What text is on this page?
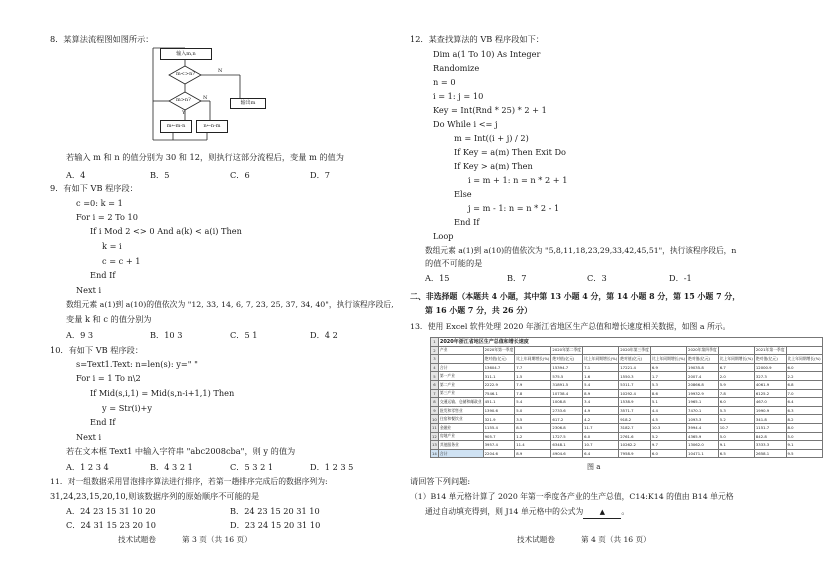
8．某算法流程图如图所示：
输入m,n
m<>n?
m>n?	输出m
N
N
Y
m←m-n	n←n-m
若输入 m 和 n 的值分别为 30 和 12，则执行这部分流程后，变量 m 的值为
A．4	B．5	C．6	D．7
9．有如下 VB 程序段：
c =0: k = 1
For i = 2 To 10
If i Mod 2 <> 0 And a(k) < a(i) Then
k = i
c = c + 1
End If
Next i
数组元素 a(1)到 a(10)的值依次为 "12, 33, 14, 6, 7, 23, 25, 37, 34, 40"，执行该程序段后,
变量 k 和 c 的值分别为
A．9 3	B．10 3	C．5 1	D．4 2
10．有如下 VB 程序段：
s=Text1.Text: n=len(s): y=" "
For i = 1 To n\2
If Mid(s,i,1) = Mid(s,n-i+1,1) Then
y = Str(i)+y
End If
Next i
若在文本框 Text1 中输入字符串 "abc2008cba"，则 y 的值为
A．1 2 3 4	B．4 3 2 1	C．5 3 2 1	D．1 2 3 5
11．对一组数据采用冒泡排序算法进行排序，若第一趟排序完成后的数据序列为:
31,24,23,15,20,10,则该数据序列的原始顺序不可能的是
A．24 23 15 31 10 20	B．24 23 15 20 31 10
C．24 31 15 23 20 10	D．23 24 15 20 31 10
技术试题卷	第 3 页（共 16 页）
12．某查找算法的 VB 程序段如下：
Dim a(1 To 10) As Integer
Randomize
n = 0
i = 1: j = 10
Key = Int(Rnd * 25) * 2 + 1
Do While i <= j
m = Int((i + j) / 2)
If Key = a(m) Then Exit Do
If Key > a(m) Then
i = m + 1: n = n * 2 + 1
Else
j = m - 1: n = n * 2 - 1
End If
Loop
数组元素 a(1)到 a(10)的值依次为 "5,8,11,18,23,29,33,42,45,51"，执行该程序段后，n
的值不可能的是
A．15	B．7	C．3	D．-1
二、非选择题（本题共 4 小题，其中第 13 小题 4 分，第 14 小题 8 分，第 15 小题 7 分，
第 16 小题 7 分，共 26 分）
13．使用 Excel 软件处理 2020 年浙江省地区生产总值和增长速度相关数据，如图 a 所示。
1	2020年浙江省地区生产总值和增长速度										
2	产业	2020年第一季度		2020年第二季度		2020年第三季度		2020年第四季度		2021年第一季度	
3		绝对值(亿元)	比上年同期增长(%)	绝对值(亿元)	比上年同期增长(%)	绝对值(亿元)	比上年同期增长(%)	绝对值(亿元)	比上年同期增长(%)	绝对值(亿元)	比上年同期增长(%)
4	合计	13604.7	7.7	15394.7	7.1	17221.4	6.9	19035.8	6.7	12000.9	6.0
5	第一产业	311.1	1.5	575.5	1.6	1550.3	1.7	2007.4	2.0	327.3	2.2
6	第二产业	2222.9	7.9	31891.5	5.4	5311.7	5.3	20866.8	5.9	4061.9	6.8
7	第三产业	7546.1	7.8	10738.4	8.9	10292.4	8.6	19932.9	7.8	6125.2	7.0
8	交通运输、仓储和邮政业	451.1	5.4	1008.8	3.4	1538.9	5.1	1965.1	6.0	467.0	6.4
9	批发和零售业	1390.6	5.0	2733.6	4.9	3571.7	4.4	7470.1	5.3	1990.9	6.3
10	住宿和餐饮业	321.9	3.5	617.2	4.2	918.2	4.5	1093.3	5.2	341.8	8.2
11	金融业	1155.4	8.5	2306.8	11.7	3182.7	10.3	3994.4	10.7	1151.7	8.0
12	房地产业	905.7	1.2	1727.5	6.0	2761.6	5.2	4365.9	5.0	842.8	5.0
13	其他服务业	3957.4	11.4	6348.1	10.7	10262.2	9.7	13062.0	9.1	3333.3	9.1
14	合计	2204.6	8.9	4904.6	6.4	7958.9	6.0	10471.1	6.5	2658.1	9.5
图 a
请回答下列问题:
（1）B14 单元格计算了 2020 年第一季度各产业的生产总值，C14:K14 的值由 B14 单元格
通过自动填充得到，则 J14 单元格中的公式为 ▲ 。
技术试题卷	第 4 页（共 16 页）
